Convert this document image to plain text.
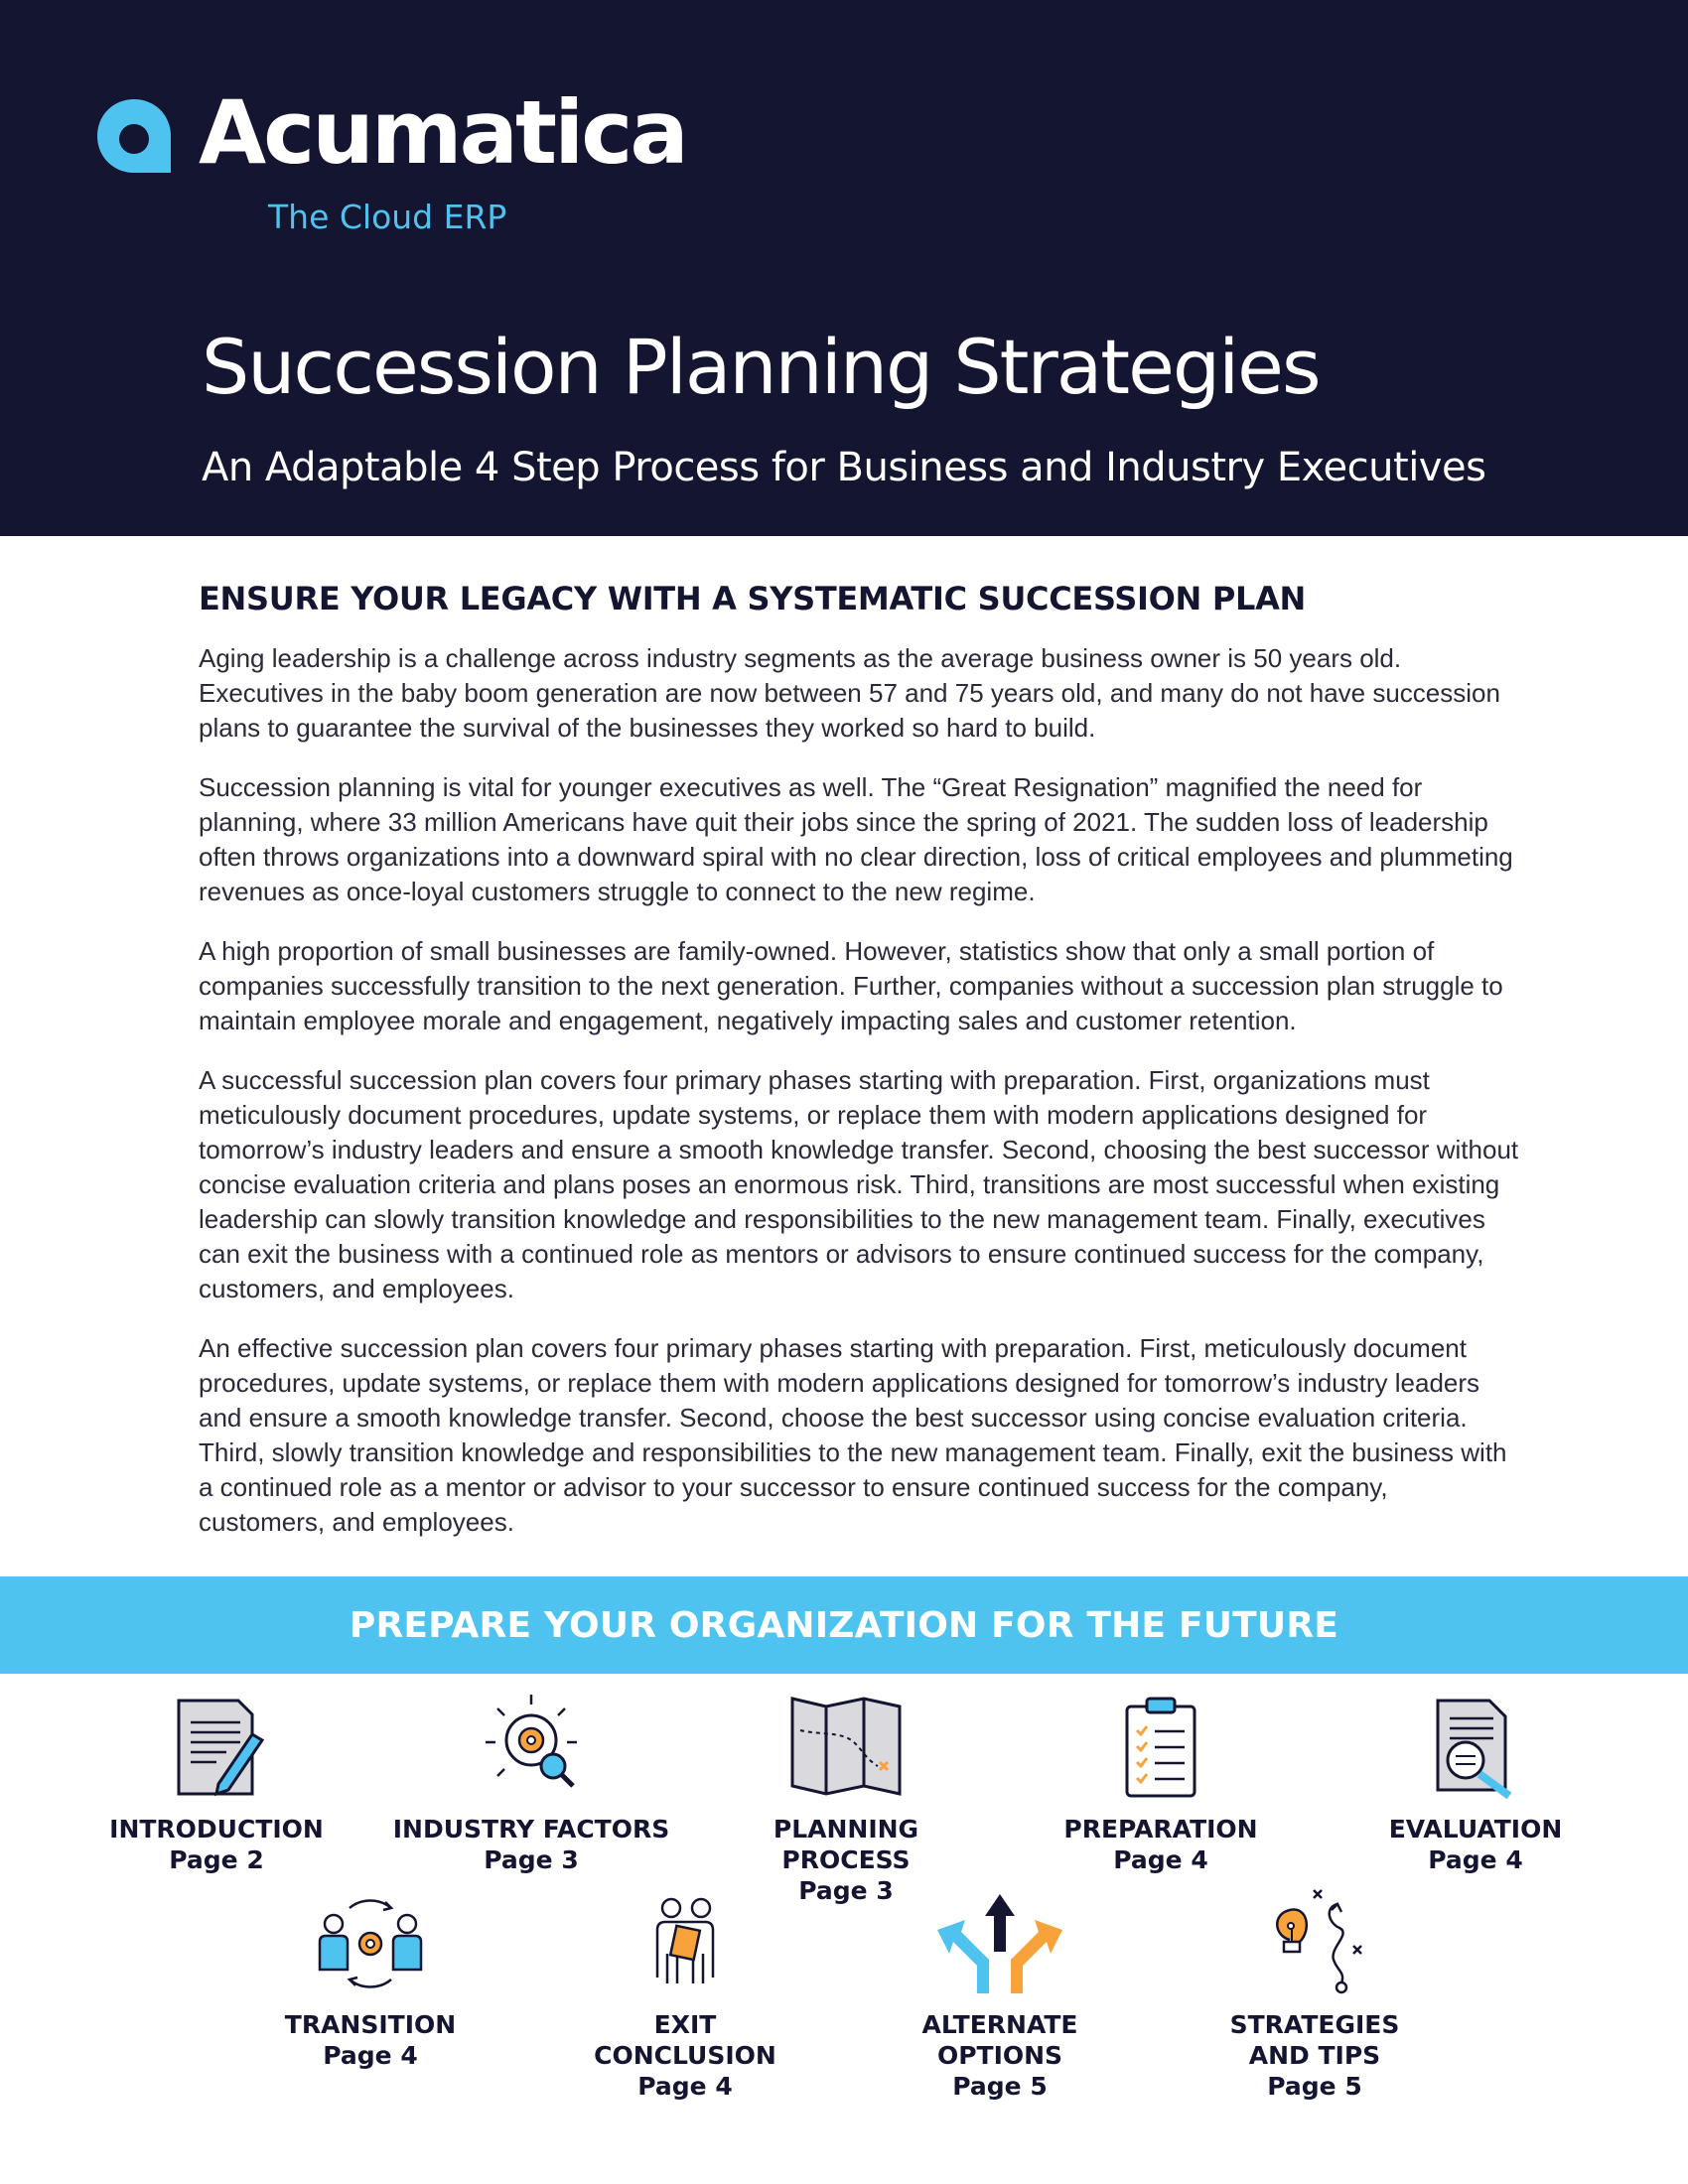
Acumatica
The Cloud ERP
Succession Planning Strategies
An Adaptable 4 Step Process for Business and Industry Executives
ENSURE YOUR LEGACY WITH A SYSTEMATIC SUCCESSION PLAN

Aging leadership is a challenge across industry segments as the average business owner is 50 years old. Executives in the baby boom generation are now between 57 and 75 years old, and many do not have succession plans to guarantee the survival of the businesses they worked so hard to build.

Succession planning is vital for younger executives as well. The “Great Resignation” magnified the need for planning, where 33 million Americans have quit their jobs since the spring of 2021. The sudden loss of leadership often throws organizations into a downward spiral with no clear direction, loss of critical employees and plummeting revenues as once-loyal customers struggle to connect to the new regime.

A high proportion of small businesses are family-owned. However, statistics show that only a small portion of companies successfully transition to the next generation. Further, companies without a succession plan struggle to maintain employee morale and engagement, negatively impacting sales and customer retention.

A successful succession plan covers four primary phases starting with preparation. First, organizations must meticulously document procedures, update systems, or replace them with modern applications designed for tomorrow’s industry leaders and ensure a smooth knowledge transfer. Second, choosing the best successor without concise evaluation criteria and plans poses an enormous risk. Third, transitions are most successful when existing leadership can slowly transition knowledge and responsibilities to the new management team. Finally, executives can exit the business with a continued role as mentors or advisors to ensure continued success for the company, customers, and employees.

An effective succession plan covers four primary phases starting with preparation. First, meticulously document procedures, update systems, or replace them with modern applications designed for tomorrow’s industry leaders and ensure a smooth knowledge transfer. Second, choose the best successor using concise evaluation criteria. Third, slowly transition knowledge and responsibilities to the new management team. Finally, exit the business with a continued role as a mentor or advisor to your successor to ensure continued success for the company, customers, and employees.

PREPARE YOUR ORGANIZATION FOR THE FUTURE
INTRODUCTION
Page 2
INDUSTRY FACTORS
Page 3
PLANNING PROCESS
Page 3
PREPARATION
Page 4
EVALUATION
Page 4
TRANSITION
Page 4
EXIT
CONCLUSION
Page 4
ALTERNATE
OPTIONS
Page 5
STRATEGIES
AND TIPS
Page 5
